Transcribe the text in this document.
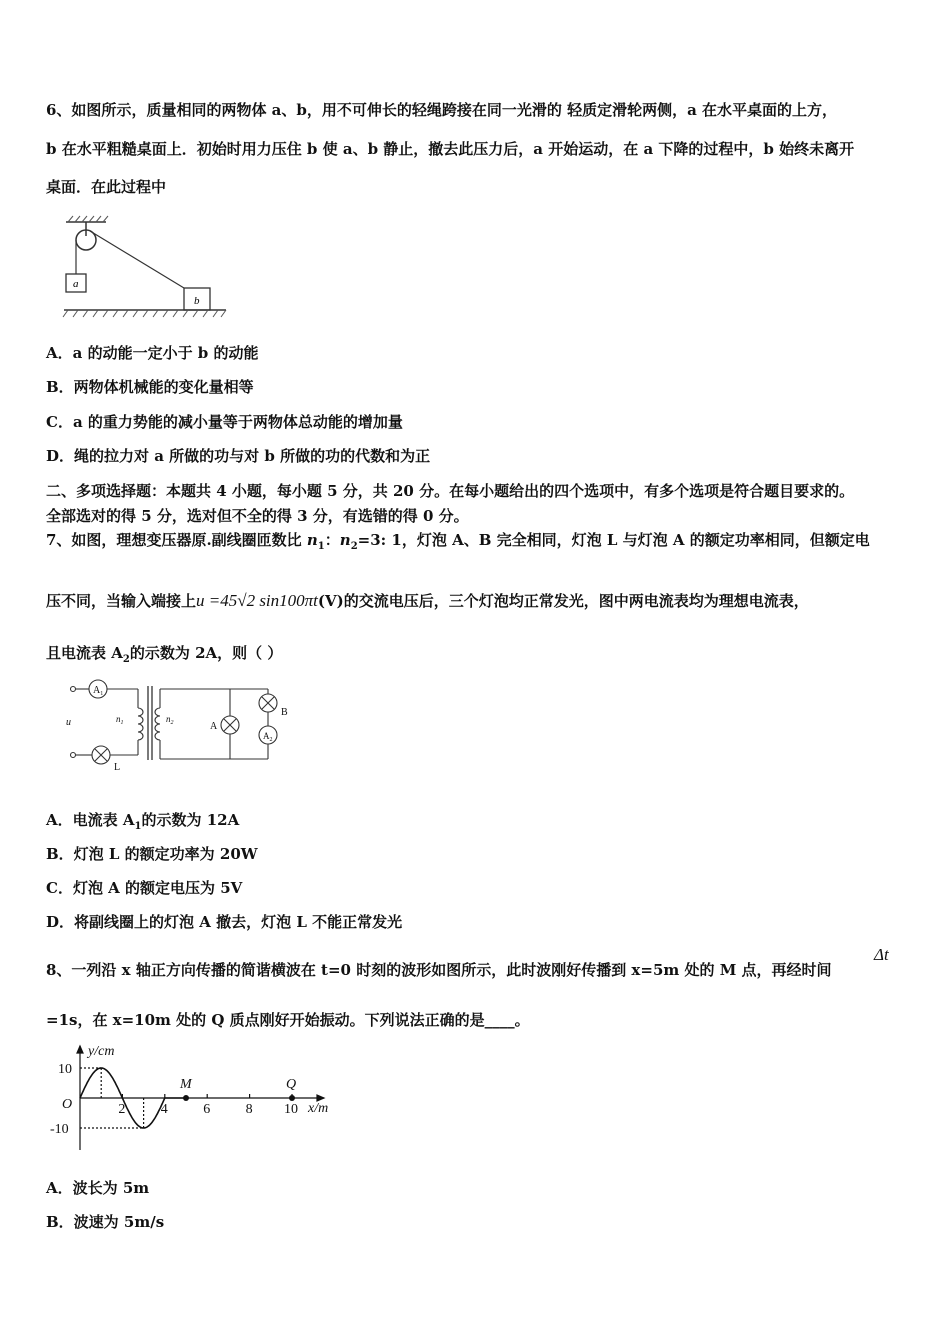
6、如图所示，质量相同的两物体 a、b，用不可伸长的轻绳跨接在同一光滑的 轻质定滑轮两侧，a 在水平桌面的上方，
b 在水平粗糙桌面上．初始时用力压住 b 使 a、b 静止，撤去此压力后，a 开始运动，在 a 下降的过程中，b 始终未离开
桌面．在此过程中
a
b
A．a 的动能一定小于 b 的动能
B．两物体机械能的变化量相等
C．a 的重力势能的减小量等于两物体总动能的增加量
D．绳的拉力对 a 所做的功与对 b 所做的功的代数和为正
二、多项选择题：本题共 4 小题，每小题 5 分，共 20 分。在每小题给出的四个选项中，有多个选项是符合题目要求的。
全部选对的得 5 分，选对但不全的得 3 分，有选错的得 0 分。
7、如图，理想变压器原.副线圈匝数比 $n_1$：$n_2=3$: 1，灯泡 A、B 完全相同，灯泡 L 与灯泡 A 的额定功率相同，但额定电
压不同，当输入端接上u =45√2 sin100πt(V)的交流电压后，三个灯泡均正常发光，图中两电流表均为理想电流表，
且电流表 $A_2$的示数为 2A，则（ ）
$A_1$
u	$n_1$	$n_2$	A
B
$A_2$
L
A．电流表 $A_1$的示数为 12A
B．灯泡 L 的额定功率为 20W
C．灯泡 A 的额定电压为 5V
D．将副线圈上的灯泡 A 撤去，灯泡 L 不能正常发光
8、一列沿 x 轴正方向传播的简谐横波在 t=0 时刻的波形如图所示，此时波刚好传播到 x=5m 处的 M 点，再经时间
Δt
=1s，在 x=10m 处的 Q 质点刚好开始振动。下列说法正确的是____。
y/cm
x/m
O
10
-10
2	4	6	8 10
M	Q
A．波长为 5m
B．波速为 5m/s
